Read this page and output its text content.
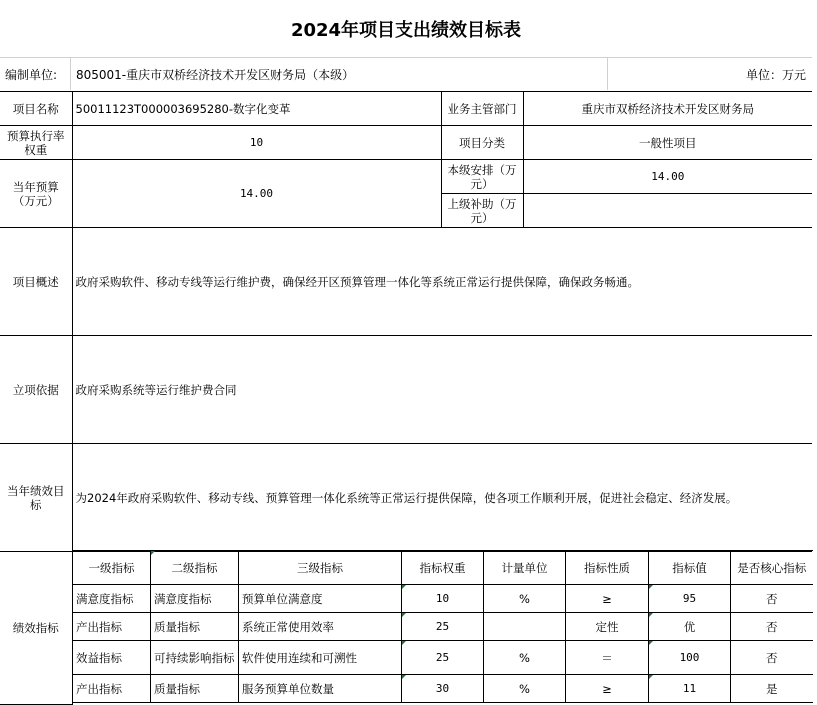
2024年项目支出绩效目标表
编制单位: 805001-重庆市双桥经济技术开发区财务局（本级）	单位：万元
项目名称	50011123T000003695280-数字化变革				业务主管部门	重庆市双桥经济技术开发区财务局	
预算执行率权重	10				项目分类	一般性项目	
当年预算（万元）	14.00				本级安排（万元）	14.00	
					上级补助（万元）		
项目概述	政府采购软件、移动专线等运行维护费，确保经开区预算管理一体化等系统正常运行提供保障，确保政务畅通。						
立项依据	政府采购系统等运行维护费合同						
当年绩效目标	为2024年政府采购软件、移动专线、预算管理一体化系统等正常运行提供保障，使各项工作顺利开展，促进社会稳定、经济发展。						
绩效指标							
一级指标	二级指标	三级指标	指标权重	计量单位	指标性质	指标值	是否核心指标
满意度指标	满意度指标	预算单位满意度	10	%	≥	95	否
产出指标	质量指标	系统正常使用效率	25		定性	优	否
效益指标	可持续影响指标	软件使用连续和可溯性	25	%	＝	100	否
产出指标	质量指标	服务预算单位数量	30	%	≥	11	是
